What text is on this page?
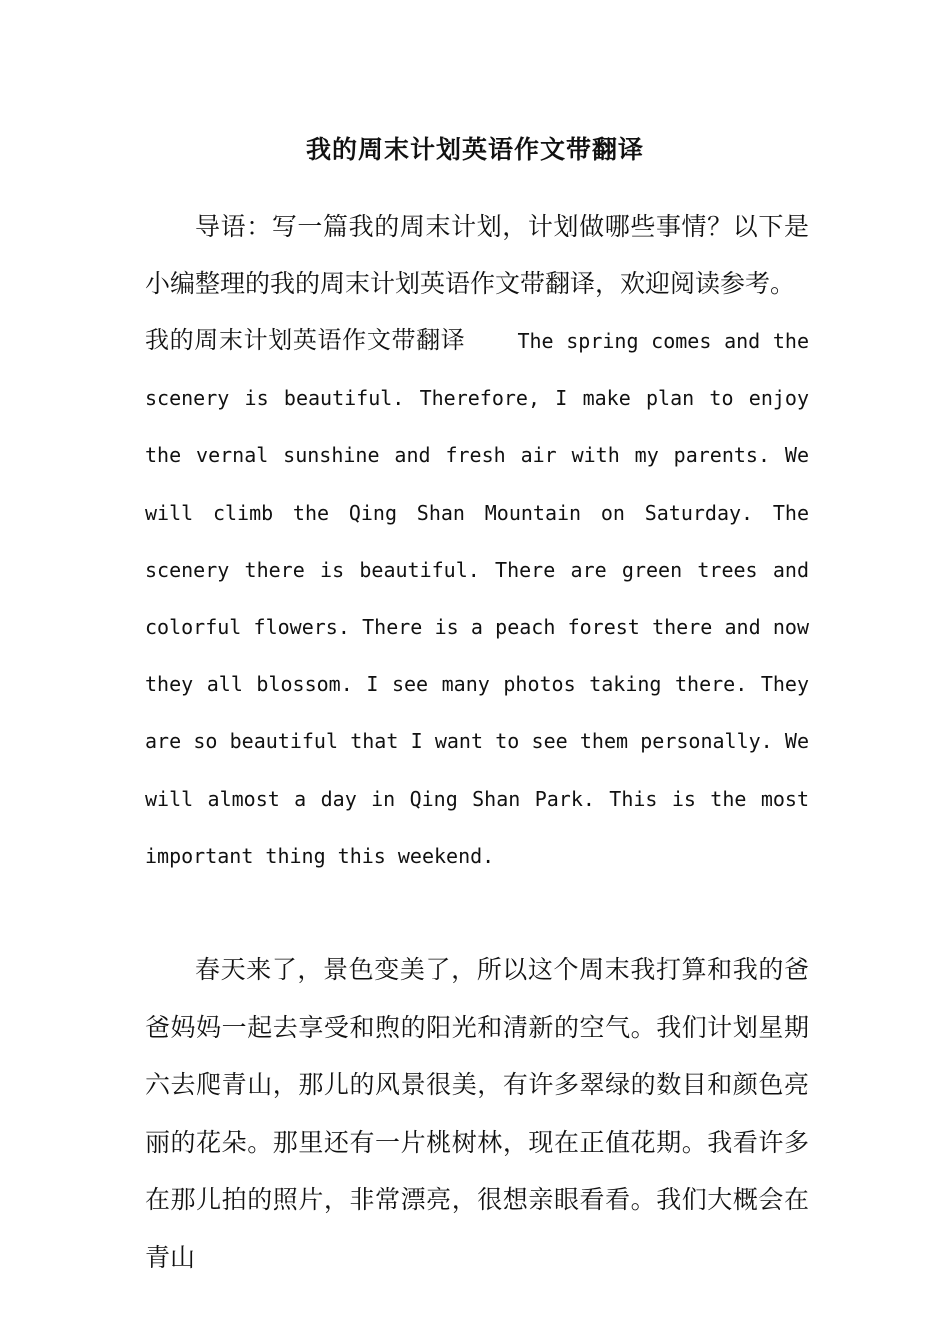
我的周末计划英语作文带翻译

导语：写一篇我的周末计划，计划做哪些事情？以下是小编整理的我的周末计划英语作文带翻译，欢迎阅读参考。

我的周末计划英语作文带翻译	The spring comes and the scenery is beautiful. Therefore, I make plan to enjoy the vernal sunshine and fresh air with my parents. We will climb the Qing Shan Mountain on Saturday. The scenery there is beautiful. There are green trees and colorful flowers. There is a peach forest there and now they all blossom. I see many photos taking there. They are so beautiful that I want to see them personally. We will almost a day in Qing Shan Park. This is the most important thing this weekend.

春天来了，景色变美了，所以这个周末我打算和我的爸爸妈妈一起去享受和煦的阳光和清新的空气。我们计划星期六去爬青山，那儿的风景很美，有许多翠绿的数目和颜色亮丽的花朵。那里还有一片桃树林，现在正值花期。我看许多在那儿拍的照片，非常漂亮，很想亲眼看看。我们大概会在青山
